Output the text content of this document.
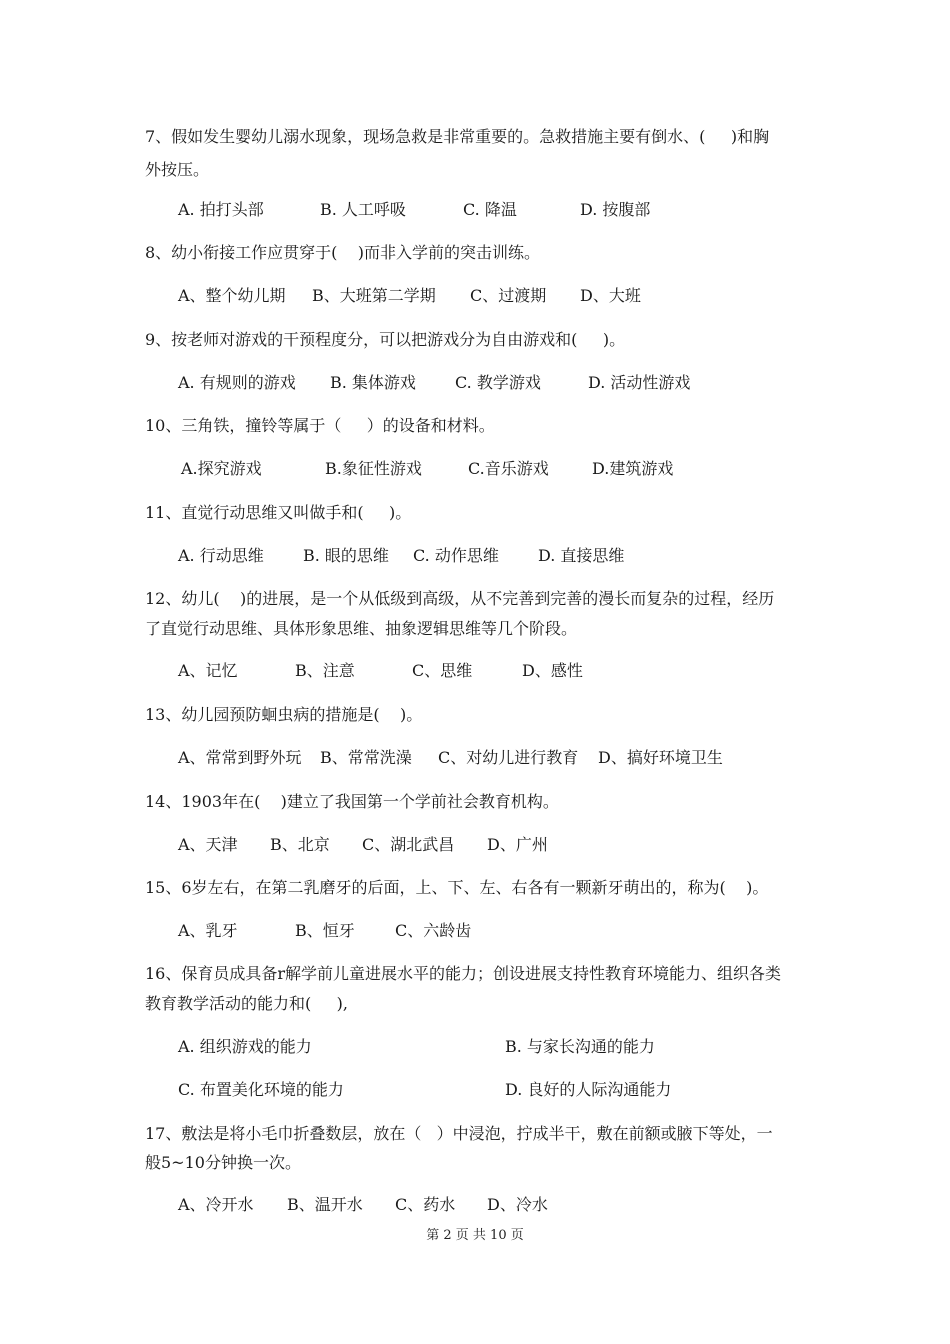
7、假如发生婴幼儿溺水现象，现场急救是非常重要的。急救措施主要有倒水、(     )和胸
外按压。
A. 拍打头部	B. 人工呼吸	C. 降温	D. 按腹部
8、幼小衔接工作应贯穿于(    )而非入学前的突击训练。
A、整个幼儿期 B、大班第二学期 C、过渡期 D、大班
9、按老师对游戏的干预程度分，可以把游戏分为自由游戏和(     )。
A. 有规则的游戏 B. 集体游戏 C. 教学游戏	D. 活动性游戏
10、三角铁，撞铃等属于（     ）的设备和材料。
A.探究游戏	B.象征性游戏	C.音乐游戏	D.建筑游戏
11、直觉行动思维又叫做手和(     )。
A. 行动思维 B. 眼的思维 C. 动作思维 D. 直接思维
12、幼儿(    )的进展，是一个从低级到高级，从不完善到完善的漫长而复杂的过程，经历
了直觉行动思维、具体形象思维、抽象逻辑思维等几个阶段。
A、记忆	B、注意	C、思维	D、感性
13、幼儿园预防蛔虫病的措施是(    )。
A、常常到野外玩 B、常常洗澡 C、对幼儿进行教育 D、搞好环境卫生
14、1903年在(    )建立了我国第一个学前社会教育机构。
A、天津 B、北京 C、湖北武昌 D、广州
15、6岁左右，在第二乳磨牙的后面，上、下、左、右各有一颗新牙萌出的，称为(    )。
A、乳牙	B、恒牙	C、六龄齿
16、保育员成具备r解学前儿童进展水平的能力；创设进展支持性教育环境能力、组织各类
教育教学活动的能力和(     ),
A. 组织游戏的能力	B. 与家长沟通的能力
C. 布置美化环境的能力	D. 良好的人际沟通能力
17、敷法是将小毛巾折叠数层，放在（   ）中浸泡，拧成半干，敷在前额或腋下等处，一
般5~10分钟换一次。
A、冷开水 B、温开水 C、药水 D、冷水
第 2 页 共 10 页
